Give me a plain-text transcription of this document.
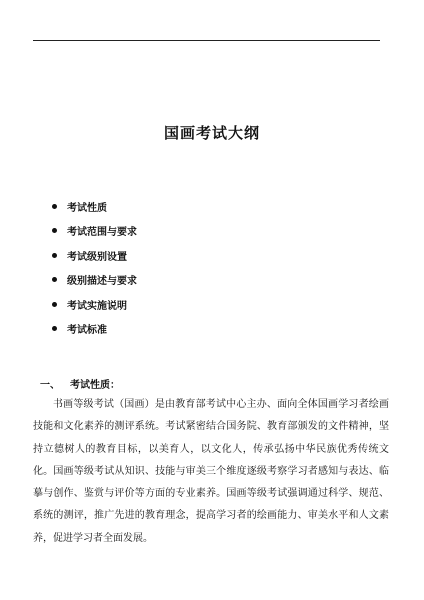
国画考试大纲
考试性质
考试范围与要求
考试级别设置
级别描述与要求
考试实施说明
考试标准
一、 考试性质：

书画等级考试（国画）是由教育部考试中心主办、面向全体国画学习者绘画技能和文化素养的测评系统。考试紧密结合国务院、教育部颁发的文件精神，坚持立德树人的教育目标，以美育人，以文化人，传承弘扬中华民族优秀传统文化。国画等级考试从知识、技能与审美三个维度逐级考察学习者感知与表达、临摹与创作、鉴赏与评价等方面的专业素养。国画等级考试强调通过科学、规范、系统的测评，推广先进的教育理念，提高学习者的绘画能力、审美水平和人文素养，促进学习者全面发展。
